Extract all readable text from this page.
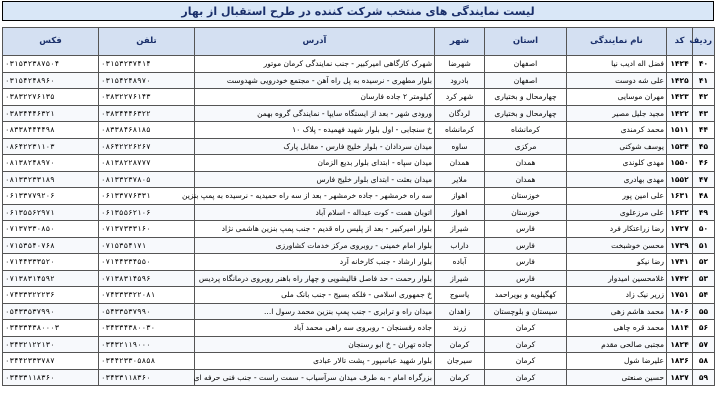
لیست نمایندگی های منتخب شرکت کننده در طرح استقبال از بهار
ردیف	کد	نام نمایندگی	استان	شهر	آدرس	تلفن	فکس
۴۰	۱۴۲۴	فضل اله ادیب نیا	اصفهان	شهرضا	شهرک کارگاهی امیرکبیر - جنب نمایندگی کرمان موتور	۰۳۱۵۳۲۳۷۴۱۴	۰۳۱۵۳۲۳۸۷۵۰۴
۴۱	۱۴۲۵	علی شه دوست	اصفهان	بادرود	بلوار مطهری - نرسیده به پل راه آهن - مجتمع خودرویی شهدوست	۰۳۱۵۴۲۴۸۹۷۰	۰۳۱۵۴۲۴۸۹۶۰
۴۲	۱۴۲۳	مهران موسایی	چهارمحال و بختیاری	شهر کرد	کیلومتر ۲ جاده فارسان	۰۳۸۳۲۲۷۶۱۴۳	۰۳۸۳۲۲۷۶۱۳۵
۴۳	۱۴۲۲	مجید جلیل مصیر	چهارمحال و بختیاری	لردگان	ورودی شهر - بعد از ایستگاه سایپا - نمایندگی گروه بهمن	۰۳۸۳۴۴۴۶۳۲۲	۰۳۸۳۴۴۴۶۳۲۱
۴۴	۱۵۱۱	محمد کرمندی	کرمانشاه	کرمانشاه	خ سنجابی - اول بلوار شهید فهمیده - پلاک ۱۰	۰۸۳۳۸۴۶۸۱۸۵	۰۸۳۳۸۴۴۴۴۹۸
۴۵	۱۵۳۴	یوسف شوکتی	مرکزی	ساوه	میدان سردادان - بلوار خلیج فارس - مقابل پارک	۰۸۶۴۲۲۲۶۲۶۷	۰۸۶۴۲۲۳۱۱۰۳
۴۶	۱۵۵۰	مهدی کلوندی	همدان	همدان	میدان سپاه - ابتدای بلوار بدیع الزمان	۰۸۱۳۸۲۲۸۷۷۷	۰۸۱۳۸۲۴۸۹۷۰
۴۷	۱۵۵۲	مهدی بهادری	همدان	ملایر	میدان بعثت - ابتدای بلوار خلیج فارس	۰۸۱۳۳۲۳۷۸۰۵	۰۸۱۳۳۲۳۳۱۸۹
۴۸	۱۶۳۱	علی امین پور	خوزستان	اهواز	سه راه خرمشهر - جاده خرمشهر - بعد از سه راه حمیدیه - نرسیده به پمپ بنزین	۰۶۱۳۳۷۷۶۳۳۱	۰۶۱۳۳۷۷۹۲۰۶
۴۹	۱۶۳۲	علی مرزعلوی	خوزستان	اهواز	اتوبان همت - کوت عبداله - اسلام آباد	۰۶۱۳۵۵۶۲۱۰۶	۰۶۱۳۵۵۶۲۹۷۱
۵۰	۱۷۲۷	رضا زراعتکار فرد	فارس	شیراز	بلوار امیرکبیر - بعد از پلیس راه قدیم - جنب پمپ بنزین هاشمی نژاد	۰۷۱۳۷۳۳۳۱۶۰	۰۷۱۳۷۳۳۰۸۵۰
۵۱	۱۷۳۹	محسن خوشبخت	فارس	داراب	بلوار امام خمینی - روبروی مرکز خدمات کشاورزی	۰۷۱۵۳۵۴۱۷۱	۰۷۱۵۳۵۴۰۷۶۸
۵۲	۱۷۴۱	رضا نیکو	فارس	آباده	بلوار ارشاد - جنب کارخانه آرد	۰۷۱۴۴۳۳۴۵۵۰	۰۷۱۴۴۳۳۳۵۲۰
۵۳	۱۷۴۲	غلامحسین امیدوار	فارس	شیراز	بلوار رحمت - حد فاصل قالیشویی و چهار راه باهنر روبروی درمانگاه پردیس	۰۷۱۳۸۳۱۴۵۹۶	۰۷۱۳۸۳۱۴۵۹۲
۵۴	۱۷۵۱	زریر نیک زاد	کهگیلویه و بویراحمد	یاسوج	خ جمهوری اسلامی - فلکه بسیج - جنب بانک ملی	۰۷۴۳۳۳۳۲۲۰۸۱	۰۷۴۳۳۳۲۲۲۳۶
۵۵	۱۸۰۶	محمد هاشم زهی	سیستان و بلوچستان	زاهدان	میدان راه و ترابری - جنب پمپ بنزین محمد رسول ا...	۰۵۴۳۳۵۳۷۹۹۰	۰۵۴۳۳۵۳۷۹۹۰
۵۶	۱۸۱۴	محمد قره چاهی	کرمان	زرند	جاده رفسنجان - روبروی سه راهی محمد آباد	۰۳۴۳۳۴۳۸۰۰۳۰	۰۳۴۳۳۴۳۸۰۰۰۳
۵۷	۱۸۲۴	مجتبی صالحی مقدم	کرمان	کرمان	جاده تهران - خ ابو رسنجان	۰۳۴۳۲۱۱۹۰۰۰	۰۳۴۳۲۱۲۲۱۳۰
۵۸	۱۸۳۶	علیرضا شول	کرمان	سیرجان	بلوار شهید عباسپور - پشت تالار عبادی	۰۳۴۴۲۳۳۰۵۸۵۸	۰۳۴۴۲۳۳۳۷۸۷
۵۹	۱۸۳۷	حسین صنعتی	کرمان	کرمان	بزرگراه امام - به طرف میدان سرآسیاب - سمت راست - جنب فنی حرفه ای	۰۳۴۳۳۱۱۸۳۶۰	۰۳۴۳۳۱۱۸۳۶۰
